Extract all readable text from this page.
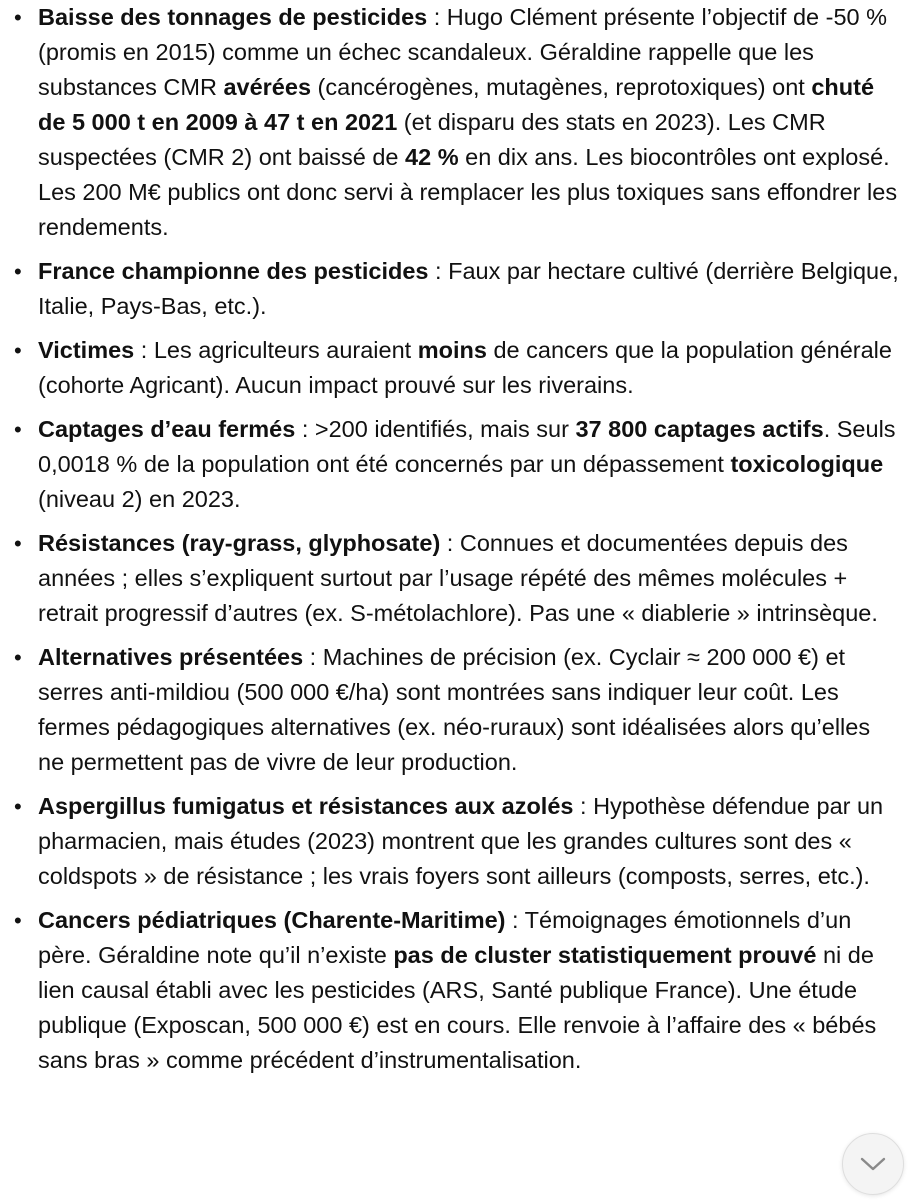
• Baisse des tonnages de pesticides : Hugo Clément présente l’objectif de -50 % (promis en 2015) comme un échec scandaleux. Géraldine rappelle que les substances CMR avérées (cancérogènes, mutagènes, reprotoxiques) ont chuté de 5 000 t en 2009 à 47 t en 2021 (et disparu des stats en 2023). Les CMR suspectées (CMR 2) ont baissé de 42 % en dix ans. Les biocontrôles ont explosé. Les 200 M€ publics ont donc servi à remplacer les plus toxiques sans effondrer les rendements.
• France championne des pesticides : Faux par hectare cultivé (derrière Belgique, Italie, Pays-Bas, etc.).
• Victimes : Les agriculteurs auraient moins de cancers que la population générale (cohorte Agricant). Aucun impact prouvé sur les riverains.
• Captages d’eau fermés : >200 identifiés, mais sur 37 800 captages actifs. Seuls 0,0018 % de la population ont été concernés par un dépassement toxicologique (niveau 2) en 2023.
• Résistances (ray-grass, glyphosate) : Connues et documentées depuis des années ; elles s’expliquent surtout par l’usage répété des mêmes molécules + retrait progressif d’autres (ex. S-métolachlore). Pas une « diablerie » intrinsèque.
• Alternatives présentées : Machines de précision (ex. Cyclair ≈ 200 000 €) et serres anti-mildiou (500 000 €/ha) sont montrées sans indiquer leur coût. Les fermes pédagogiques alternatives (ex. néo-ruraux) sont idéalisées alors qu’elles ne permettent pas de vivre de leur production.
• Aspergillus fumigatus et résistances aux azolés : Hypothèse défendue par un pharmacien, mais études (2023) montrent que les grandes cultures sont des « coldspots » de résistance ; les vrais foyers sont ailleurs (composts, serres, etc.).
• Cancers pédiatriques (Charente-Maritime) : Témoignages émotionnels d’un père. Géraldine note qu’il n’existe pas de cluster statistiquement prouvé ni de lien causal établi avec les pesticides (ARS, Santé publique France). Une étude publique (Exposcan, 500 000 €) est en cours. Elle renvoie à l’affaire des « bébés sans bras » comme précédent d’instrumentalisation.
